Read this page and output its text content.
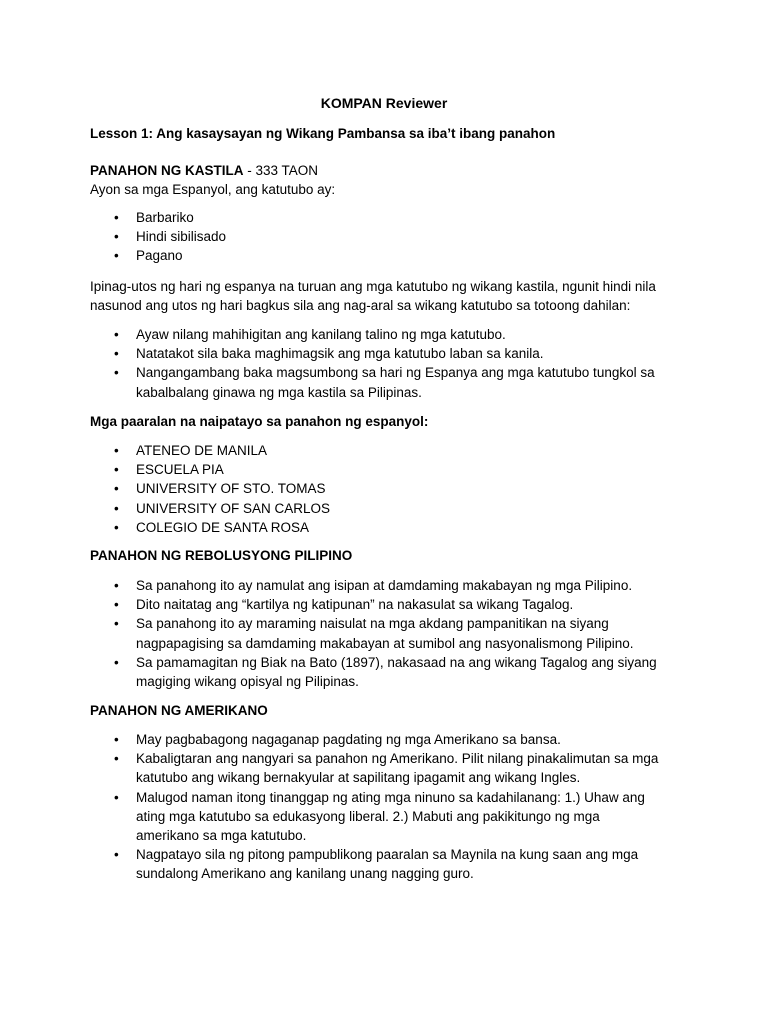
KOMPAN Reviewer
Lesson 1: Ang kasaysayan ng Wikang Pambansa sa iba’t ibang panahon
PANAHON NG KASTILA - 333 TAON
Ayon sa mga Espanyol, ang katutubo ay:
• Barbariko
• Hindi sibilisado
• Pagano
Ipinag-utos ng hari ng espanya na turuan ang mga katutubo ng wikang kastila, ngunit hindi nila nasunod ang utos ng hari bagkus sila ang nag-aral sa wikang katutubo sa totoong dahilan:
• Ayaw nilang mahihigitan ang kanilang talino ng mga katutubo.
• Natatakot sila baka maghimagsik ang mga katutubo laban sa kanila.
• Nangangambang baka magsumbong sa hari ng Espanya ang mga katutubo tungkol sa kabalbalang ginawa ng mga kastila sa Pilipinas.
Mga paaralan na naipatayo sa panahon ng espanyol:
• ATENEO DE MANILA
• ESCUELA PIA
• UNIVERSITY OF STO. TOMAS
• UNIVERSITY OF SAN CARLOS
• COLEGIO DE SANTA ROSA
PANAHON NG REBOLUSYONG PILIPINO
• Sa panahong ito ay namulat ang isipan at damdaming makabayan ng mga Pilipino.
• Dito naitatag ang “kartilya ng katipunan” na nakasulat sa wikang Tagalog.
• Sa panahong ito ay maraming naisulat na mga akdang pampanitikan na siyang nagpapagising sa damdaming makabayan at sumibol ang nasyonalismong Pilipino.
• Sa pamamagitan ng Biak na Bato (1897), nakasaad na ang wikang Tagalog ang siyang magiging wikang opisyal ng Pilipinas.
PANAHON NG AMERIKANO
• May pagbabagong nagaganap pagdating ng mga Amerikano sa bansa.
• Kabaligtaran ang nangyari sa panahon ng Amerikano. Pilit nilang pinakalimutan sa mga katutubo ang wikang bernakyular at sapilitang ipagamit ang wikang Ingles.
• Malugod naman itong tinanggap ng ating mga ninuno sa kadahilanang: 1.) Uhaw ang ating mga katutubo sa edukasyong liberal. 2.) Mabuti ang pakikitungo ng mga amerikano sa mga katutubo.
• Nagpatayo sila ng pitong pampublikong paaralan sa Maynila na kung saan ang mga sundalong Amerikano ang kanilang unang nagging guro.
